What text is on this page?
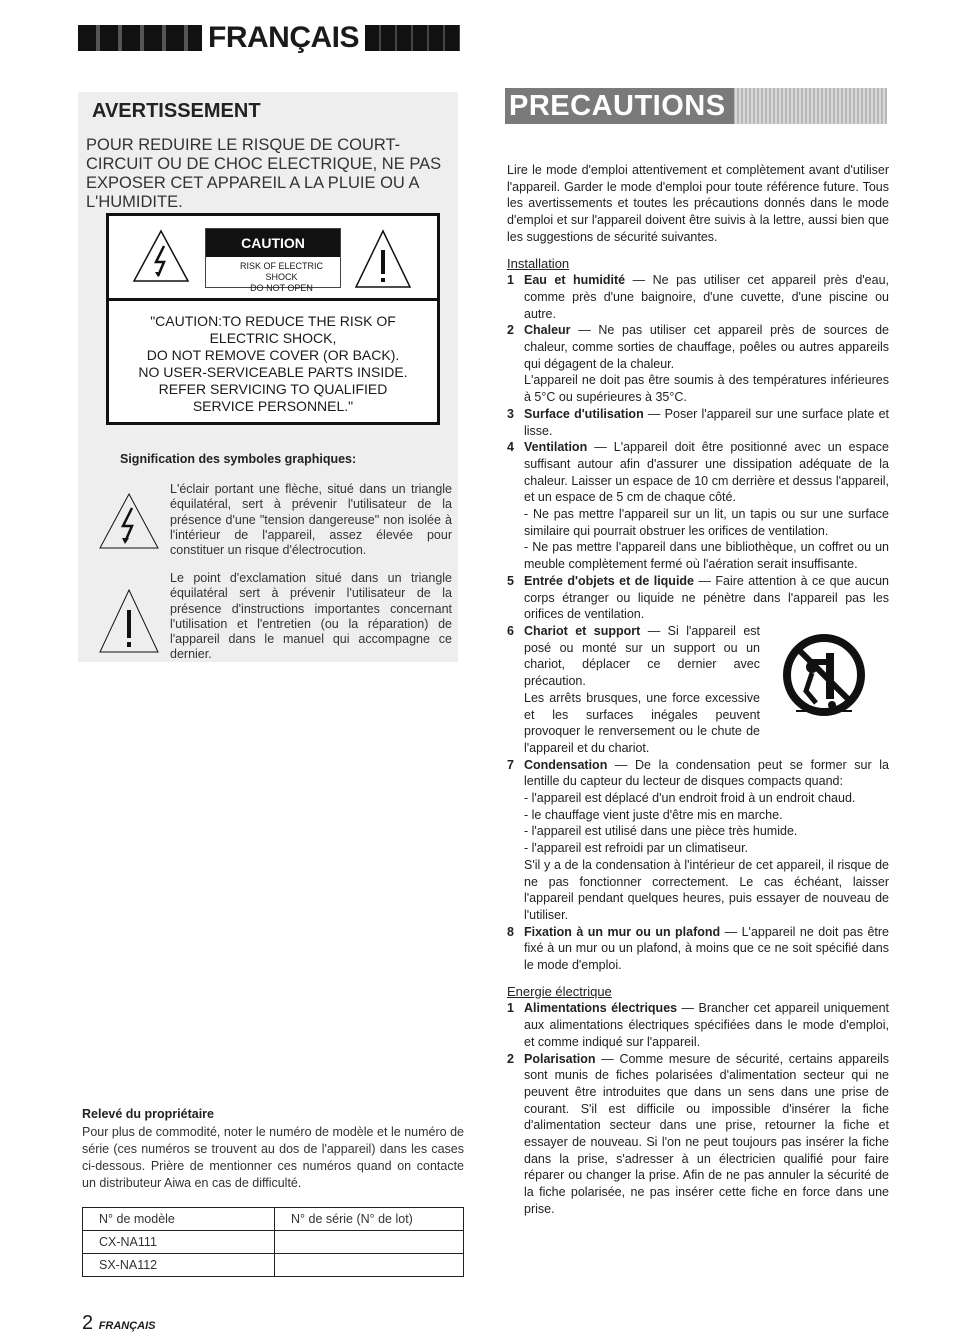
FRANÇAIS
AVERTISSEMENT

POUR REDUIRE LE RISQUE DE COURT-CIRCUIT OU DE CHOC ELECTRIQUE, NE PAS EXPOSER CET APPAREIL A LA PLUIE OU A L'HUMIDITE.

CAUTION
RISK OF ELECTRIC SHOCK
DO NOT OPEN
"CAUTION:TO REDUCE THE RISK OF
ELECTRIC SHOCK,
DO NOT REMOVE COVER (OR BACK).
NO USER-SERVICEABLE PARTS INSIDE.
REFER SERVICING TO QUALIFIED
SERVICE PERSONNEL."
Signification des symboles graphiques:

L'éclair portant une flèche, situé dans un triangle équilatéral, sert à prévenir l'utilisateur de la présence d'une "tension dangereuse" non isolée à l'intérieur de l'appareil, assez élevée pour constituer un risque d'électrocution.

Le point d'exclamation situé dans un triangle équilatéral sert à prévenir l'utilisateur de la présence d'instructions importantes concernant l'utilisation et l'entretien (ou la réparation) de l'appareil dans le manuel qui accompagne ce dernier.

Relevé du propriétaire

Pour plus de commodité, noter le numéro de modèle et le numéro de série (ces numéros se trouvent au dos de l'appareil) dans les cases ci-dessous. Prière de mentionner ces numéros quand on contacte un distributeur Aiwa en cas de difficulté.

N° de modèle	N° de série (N° de lot)
CX-NA111	
SX-NA112	
2 FRANÇAIS
PRECAUTIONS

Lire le mode d'emploi attentivement et complètement avant d'utiliser l'appareil. Garder le mode d'emploi pour toute référence future. Tous les avertissements et toutes les précautions donnés dans le mode d'emploi et sur l'appareil doivent être suivis à la lettre, aussi bien que les suggestions de sécurité suivantes.

Installation

1 Eau et humidité — Ne pas utiliser cet appareil près d'eau, comme près d'une baignoire, d'une cuvette, d'une piscine ou autre.
2 Chaleur — Ne pas utiliser cet appareil près de sources de chaleur, comme sorties de chauffage, poêles ou autres appareils qui dégagent de la chaleur.

L'appareil ne doit pas être soumis à des températures inférieures à 5°C ou supérieures à 35°C.

3 Surface d'utilisation — Poser l'appareil sur une surface plate et lisse.
4 Ventilation — L'appareil doit être positionné avec un espace suffisant autour afin d'assurer une dissipation adéquate de la chaleur. Laisser un espace de 10 cm derrière et dessus l'appareil, et un espace de 5 cm de chaque côté.

- Ne pas mettre l'appareil sur un lit, un tapis ou sur une surface similaire qui pourrait obstruer les orifices de ventilation.

- Ne pas mettre l'appareil dans une bibliothèque, un coffret ou un meuble complètement fermé où l'aération serait insuffisante.

5 Entrée d'objets et de liquide — Faire attention à ce que aucun corps étranger ou liquide ne pénètre dans l'appareil pas les orifices de ventilation.
6 Chariot et support — Si l'appareil est posé ou monté sur un support ou un chariot, déplacer ce dernier avec précaution.
Les arrêts brusques, une force excessive et les surfaces inégales peuvent provoquer le renversement ou le chute de l'appareil et du chariot.
7 Condensation — De la condensation peut se former sur la lentille du capteur du lecteur de disques compacts quand:

- l'appareil est déplacé d'un endroit froid à un endroit chaud.

- le chauffage vient juste d'être mis en marche.

- l'appareil est utilisé dans une pièce très humide.

- l'appareil est refroidi par un climatiseur.

S'il y a de la condensation à l'intérieur de cet appareil, il risque de ne pas fonctionner correctement. Le cas échéant, laisser l'appareil pendant quelques heures, puis essayer de nouveau de l'utiliser.

8 Fixation à un mur ou un plafond — L'appareil ne doit pas être fixé à un mur ou un plafond, à moins que ce ne soit spécifié dans le mode d'emploi.

Energie électrique

1 Alimentations électriques — Brancher cet appareil uniquement aux alimentations électriques spécifiées dans le mode d'emploi, et comme indiqué sur l'appareil.
2 Polarisation — Comme mesure de sécurité, certains appareils sont munis de fiches polarisées d'alimentation secteur qui ne peuvent être introduites que dans un sens dans une prise de courant. S'il est difficile ou impossible d'insérer la fiche d'alimentation secteur dans une prise, retourner la fiche et essayer de nouveau. Si l'on ne peut toujours pas insérer la fiche dans la prise, s'adresser à un électricien qualifié pour faire réparer ou changer la prise. Afin de ne pas annuler la sécurité de la fiche polarisée, ne pas insérer cette fiche en force dans une prise.
